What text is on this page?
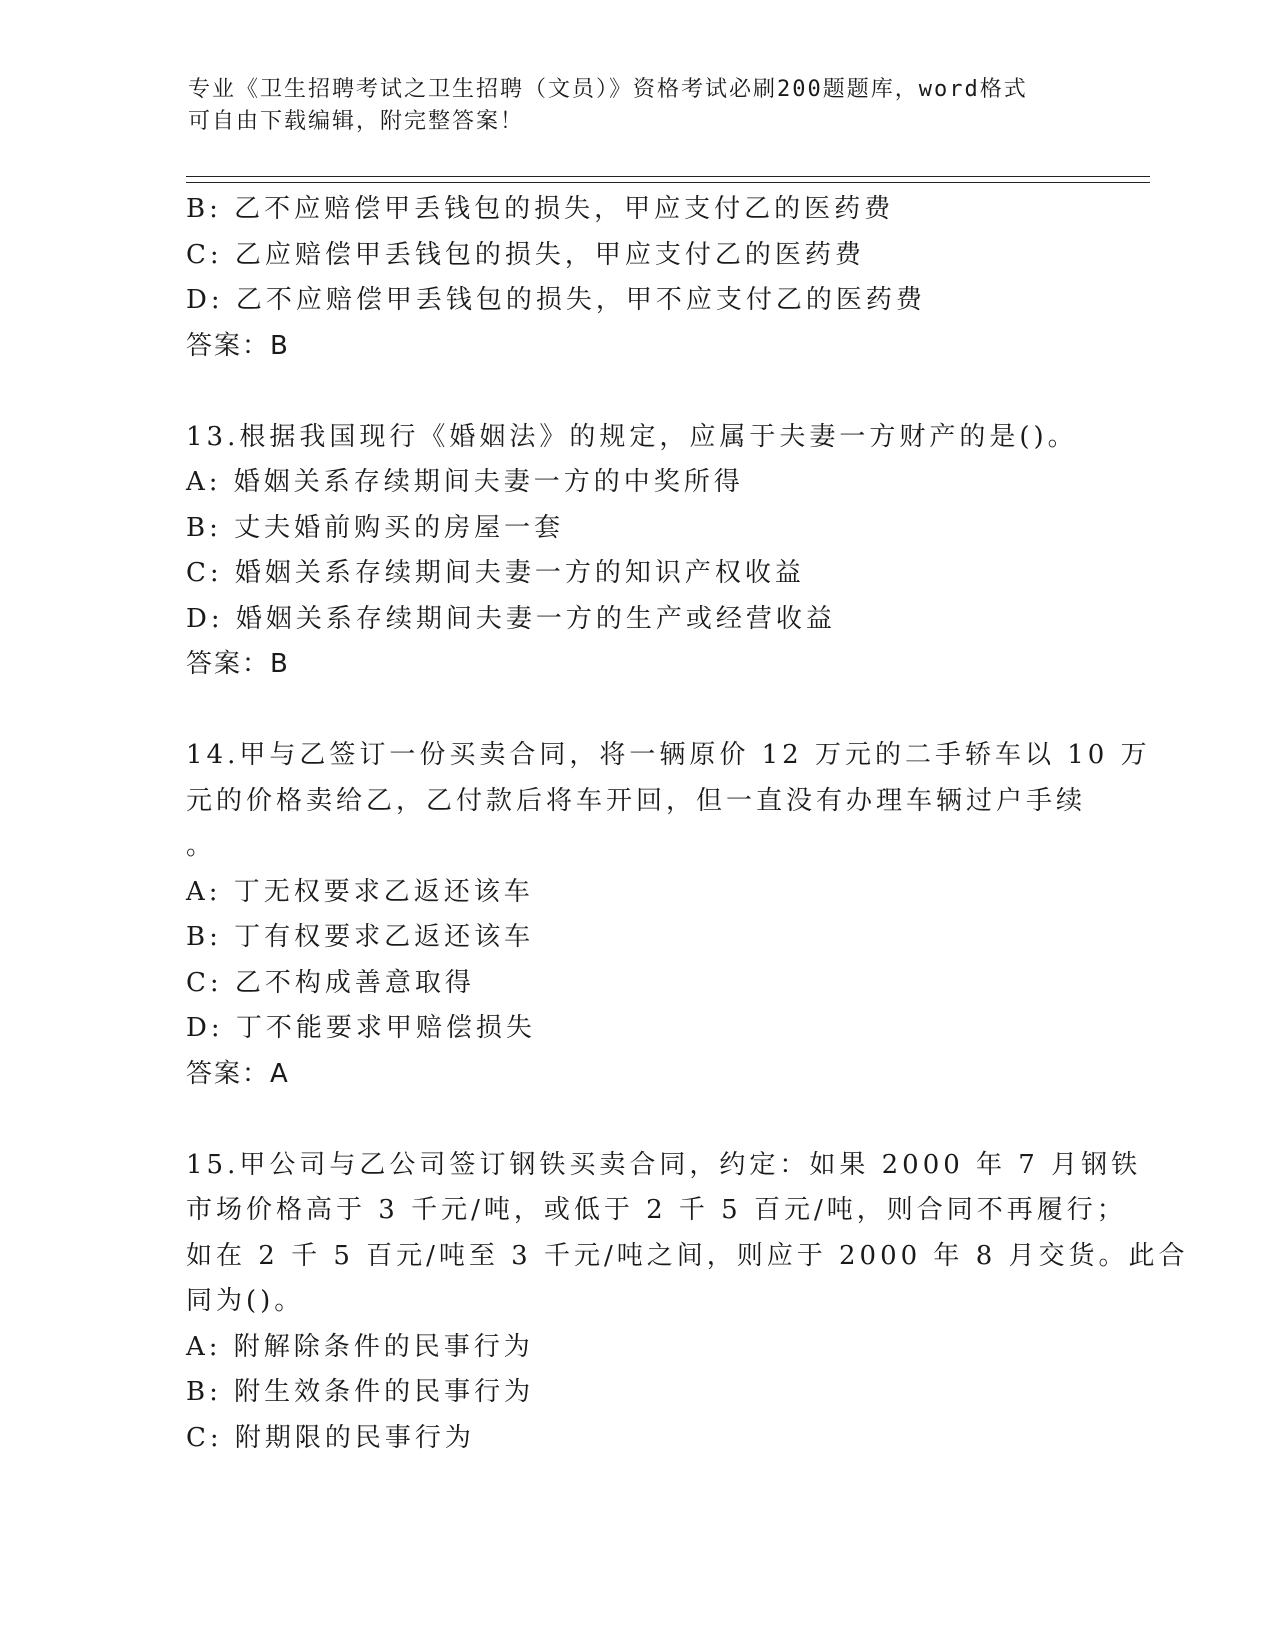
专业《卫生招聘考试之卫生招聘（文员）》资格考试必刷200题题库，word格式
可自由下载编辑，附完整答案！
B: 乙不应赔偿甲丢钱包的损失，甲应支付乙的医药费
C: 乙应赔偿甲丢钱包的损失，甲应支付乙的医药费
D: 乙不应赔偿甲丢钱包的损失，甲不应支付乙的医药费
答案：B
13.根据我国现行《婚姻法》的规定，应属于夫妻一方财产的是()。
A: 婚姻关系存续期间夫妻一方的中奖所得
B: 丈夫婚前购买的房屋一套
C: 婚姻关系存续期间夫妻一方的知识产权收益
D: 婚姻关系存续期间夫妻一方的生产或经营收益
答案：B
14.甲与乙签订一份买卖合同，将一辆原价 12 万元的二手轿车以 10 万
元的价格卖给乙，乙付款后将车开回，但一直没有办理车辆过户手续
。
A: 丁无权要求乙返还该车
B: 丁有权要求乙返还该车
C: 乙不构成善意取得
D: 丁不能要求甲赔偿损失
答案：A
15.甲公司与乙公司签订钢铁买卖合同，约定：如果 2000 年 7 月钢铁
市场价格高于 3 千元/吨，或低于 2 千 5 百元/吨，则合同不再履行；
如在 2 千 5 百元/吨至 3 千元/吨之间，则应于 2000 年 8 月交货。此合
同为()。
A: 附解除条件的民事行为
B: 附生效条件的民事行为
C: 附期限的民事行为
